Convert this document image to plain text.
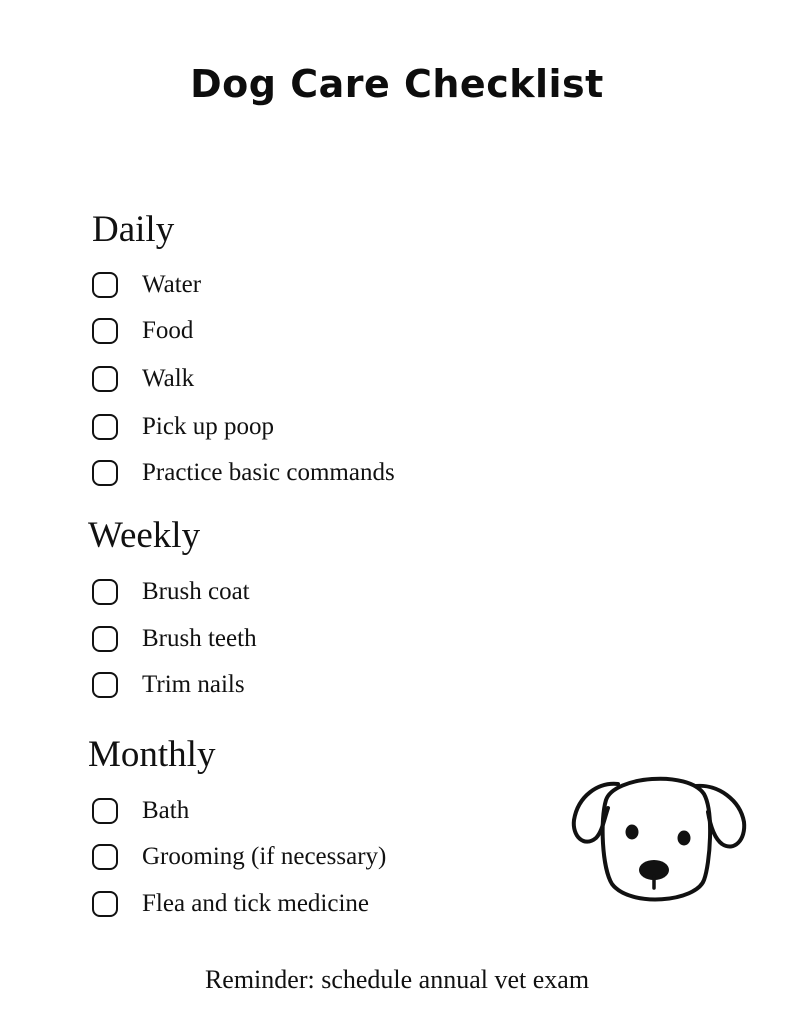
Dog Care Checklist
Daily
Water
Food
Walk
Pick up poop
Practice basic commands
Weekly
Brush coat
Brush teeth
Trim nails
Monthly
Bath
Grooming (if necessary)
Flea and tick medicine
Reminder: schedule annual vet exam
